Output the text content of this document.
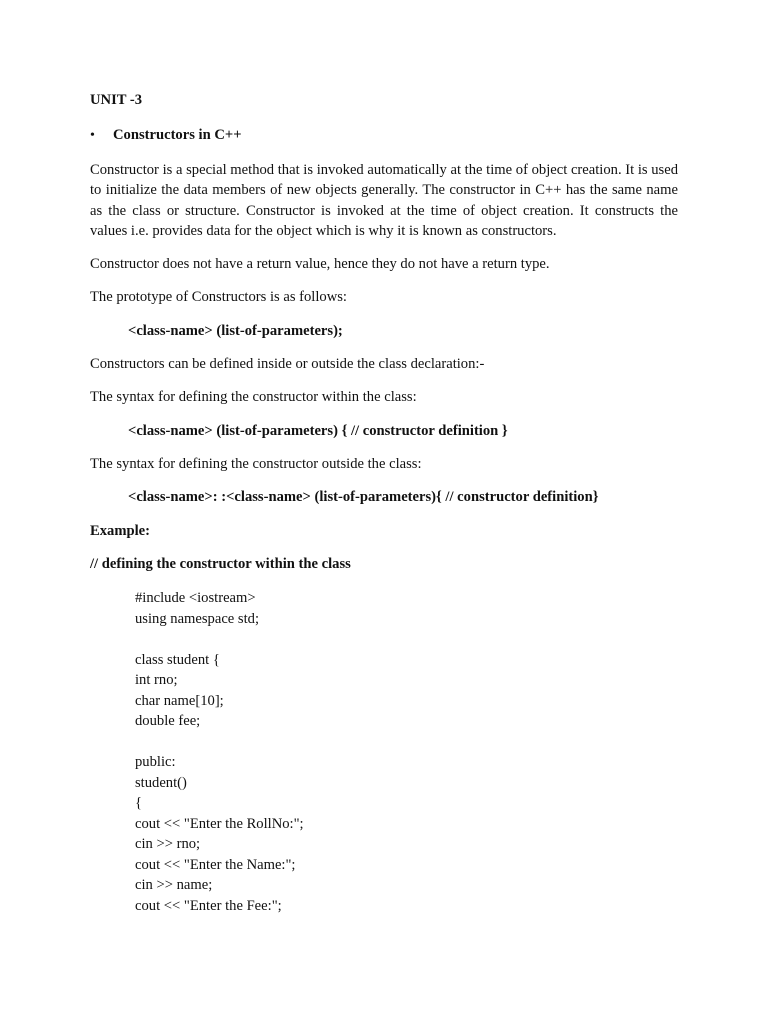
UNIT -3
• Constructors in C++
Constructor is a special method that is invoked automatically at the time of object creation. It is used to initialize the data members of new objects generally. The constructor in C++ has the same name as the class or structure. Constructor is invoked at the time of object creation. It constructs the values i.e. provides data for the object which is why it is known as constructors.
Constructor does not have a return value, hence they do not have a return type.
The prototype of Constructors is as follows:
<class-name> (list-of-parameters);
Constructors can be defined inside or outside the class declaration:-
The syntax for defining the constructor within the class:
<class-name> (list-of-parameters) { // constructor definition }
The syntax for defining the constructor outside the class:
<class-name>: :<class-name> (list-of-parameters){ // constructor definition}
Example:
// defining the constructor within the class
#include <iostream>
using namespace std;
class student {
int rno;
char name[10];
double fee;
public:
student()
{
cout << "Enter the RollNo:";
cin >> rno;
cout << "Enter the Name:";
cin >> name;
cout << "Enter the Fee:";
